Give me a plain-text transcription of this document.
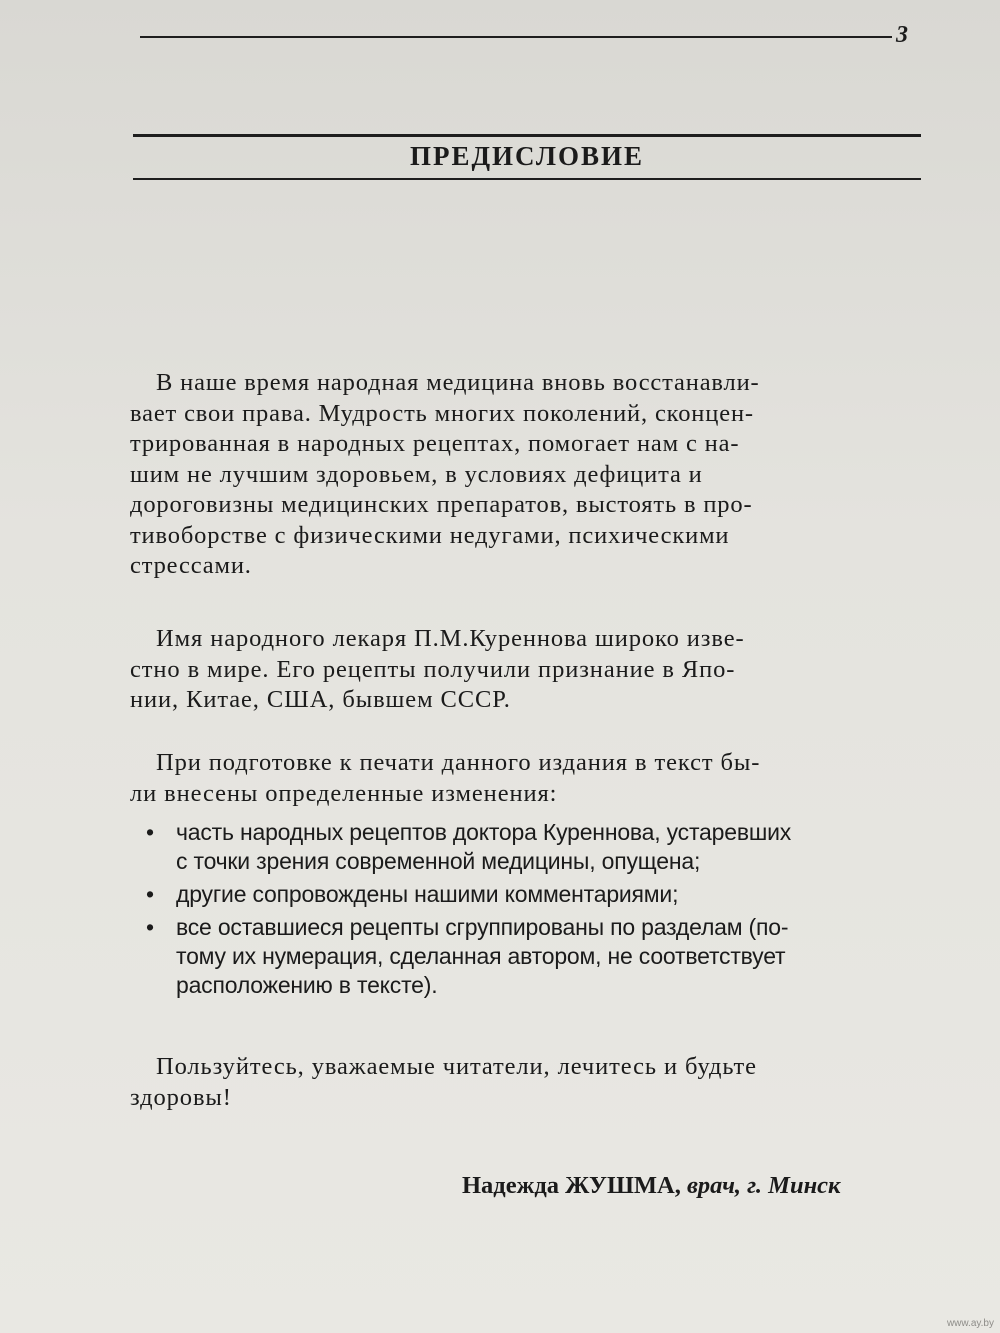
3
ПРЕДИСЛОВИЕ
В наше время народная медицина вновь восстанавли-
вает свои права. Мудрость многих поколений, сконцен-
трированная в народных рецептах, помогает нам с на-
шим не лучшим здоровьем, в условиях дефицита и
дороговизны медицинских препаратов, выстоять в про-
тивоборстве с физическими недугами, психическими
стрессами.
Имя народного лекаря П.М.Куреннова широко изве-
стно в мире. Его рецепты получили признание в Япо-
нии, Китае, США, бывшем СССР.
При подготовке к печати данного издания в текст бы-
ли внесены определенные изменения:
• часть народных рецептов доктора Куреннова, устаревших
с точки зрения современной медицины, опущена;
• другие сопровождены нашими комментариями;
• все оставшиеся рецепты сгруппированы по разделам (по-
тому их нумерация, сделанная автором, не соответствует
расположению в тексте).
Пользуйтесь, уважаемые читатели, лечитесь и будьте
здоровы!
Надежда ЖУШМА, врач, г. Минск
www.ay.by
